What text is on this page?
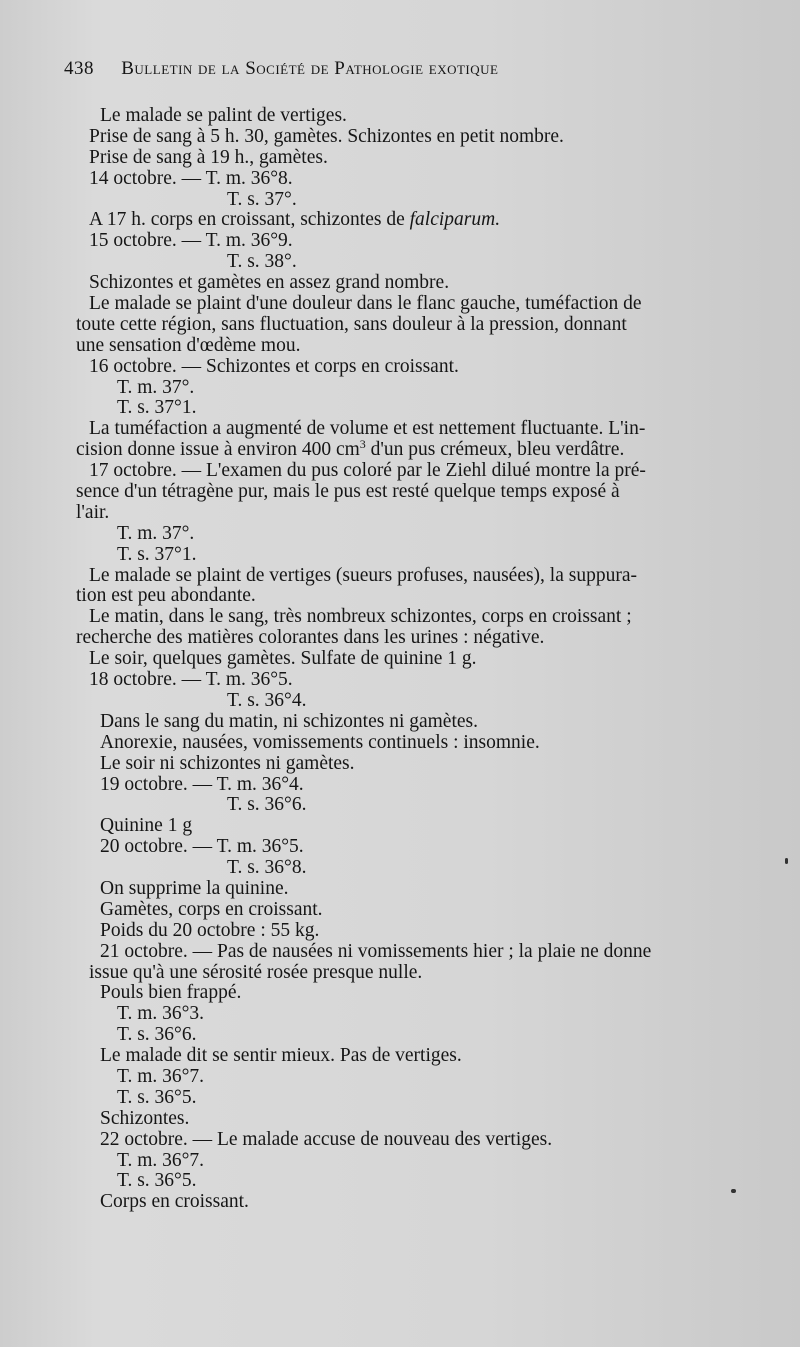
438 Bulletin de la Société de Pathologie exotique
Le malade se palint de vertiges.
Prise de sang à 5 h. 30, gamètes. Schizontes en petit nombre.
Prise de sang à 19 h., gamètes.
14 octobre. — T. m. 36°8.
T. s. 37°.
A 17 h. corps en croissant, schizontes de falciparum.
15 octobre. — T. m. 36°9.
T. s. 38°.
Schizontes et gamètes en assez grand nombre.
Le malade se plaint d'une douleur dans le flanc gauche, tuméfaction de
toute cette région, sans fluctuation, sans douleur à la pression, donnant
une sensation d'œdème mou.
16 octobre. — Schizontes et corps en croissant.
T. m. 37°.
T. s. 37°1.
La tuméfaction a augmenté de volume et est nettement fluctuante. L'in-
cision donne issue à environ 400 $cm^3$ d'un pus crémeux, bleu verdâtre.
17 octobre. — L'examen du pus coloré par le Ziehl dilué montre la pré-
sence d'un tétragène pur, mais le pus est resté quelque temps exposé à
l'air.
T. m. 37°.
T. s. 37°1.
Le malade se plaint de vertiges (sueurs profuses, nausées), la suppura-
tion est peu abondante.
Le matin, dans le sang, très nombreux schizontes, corps en croissant ;
recherche des matières colorantes dans les urines : négative.
Le soir, quelques gamètes. Sulfate de quinine 1 g.
18 octobre. — T. m. 36°5.
T. s. 36°4.
Dans le sang du matin, ni schizontes ni gamètes.
Anorexie, nausées, vomissements continuels : insomnie.
Le soir ni schizontes ni gamètes.
19 octobre. — T. m. 36°4.
T. s. 36°6.
Quinine 1 g
20 octobre. — T. m. 36°5.
T. s. 36°8.
On supprime la quinine.
Gamètes, corps en croissant.
Poids du 20 octobre : 55 kg.
21 octobre. — Pas de nausées ni vomissements hier ; la plaie ne donne
issue qu'à une sérosité rosée presque nulle.
Pouls bien frappé.
T. m. 36°3.
T. s. 36°6.
Le malade dit se sentir mieux. Pas de vertiges.
T. m. 36°7.
T. s. 36°5.
Schizontes.
22 octobre. — Le malade accuse de nouveau des vertiges.
T. m. 36°7.
T. s. 36°5.
Corps en croissant.
